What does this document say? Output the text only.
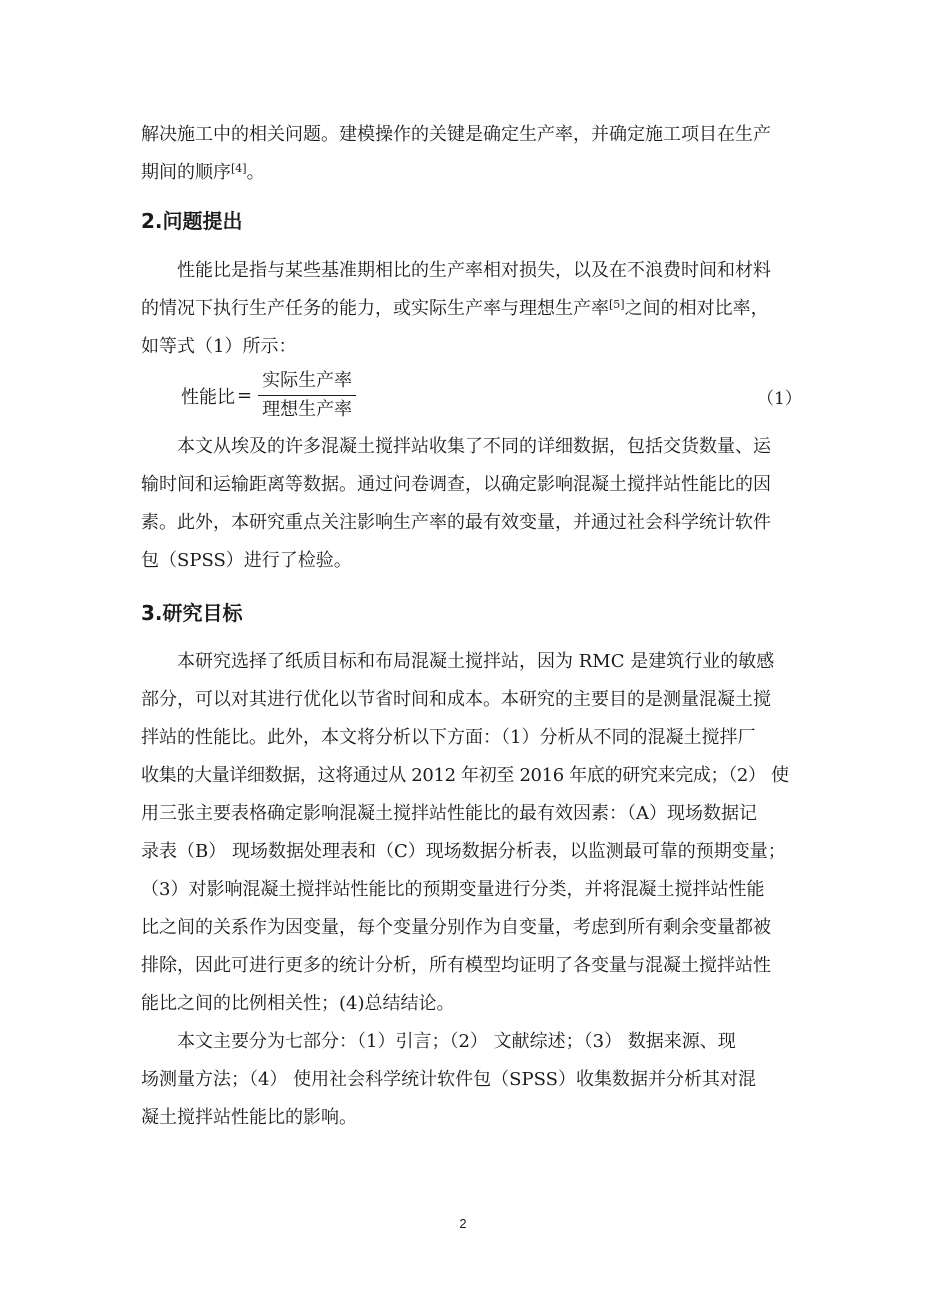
解决施工中的相关问题。建模操作的关键是确定生产率，并确定施工项目在生产
期间的顺序[4]。

2.问题提出

性能比是指与某些基准期相比的生产率相对损失，以及在不浪费时间和材料
的情况下执行生产任务的能力，或实际生产率与理想生产率[5]之间的相对比率，
如等式（1）所示：

性能比 = $\frac{\text{实际生产率}}{\text{理想生产率}}$	（1）

本文从埃及的许多混凝土搅拌站收集了不同的详细数据，包括交货数量、运
输时间和运输距离等数据。通过问卷调查，以确定影响混凝土搅拌站性能比的因
素。此外，本研究重点关注影响生产率的最有效变量，并通过社会科学统计软件
包（SPSS）进行了检验。

3.研究目标

本研究选择了纸质目标和布局混凝土搅拌站，因为 RMC 是建筑行业的敏感
部分，可以对其进行优化以节省时间和成本。本研究的主要目的是测量混凝土搅
拌站的性能比。此外，本文将分析以下方面：（1）分析从不同的混凝土搅拌厂
收集的大量详细数据，这将通过从 2012 年初至 2016 年底的研究来完成；（2） 使
用三张主要表格确定影响混凝土搅拌站性能比的最有效因素：（A）现场数据记
录表（B） 现场数据处理表和（C）现场数据分析表，以监测最可靠的预期变量；
（3）对影响混凝土搅拌站性能比的预期变量进行分类，并将混凝土搅拌站性能
比之间的关系作为因变量，每个变量分别作为自变量，考虑到所有剩余变量都被
排除，因此可进行更多的统计分析，所有模型均证明了各变量与混凝土搅拌站性
能比之间的比例相关性；(4)总结结论。

本文主要分为七部分：（1）引言；（2） 文献综述；（3） 数据来源、现
场测量方法；（4） 使用社会科学统计软件包（SPSS）收集数据并分析其对混
凝土搅拌站性能比的影响。

2
